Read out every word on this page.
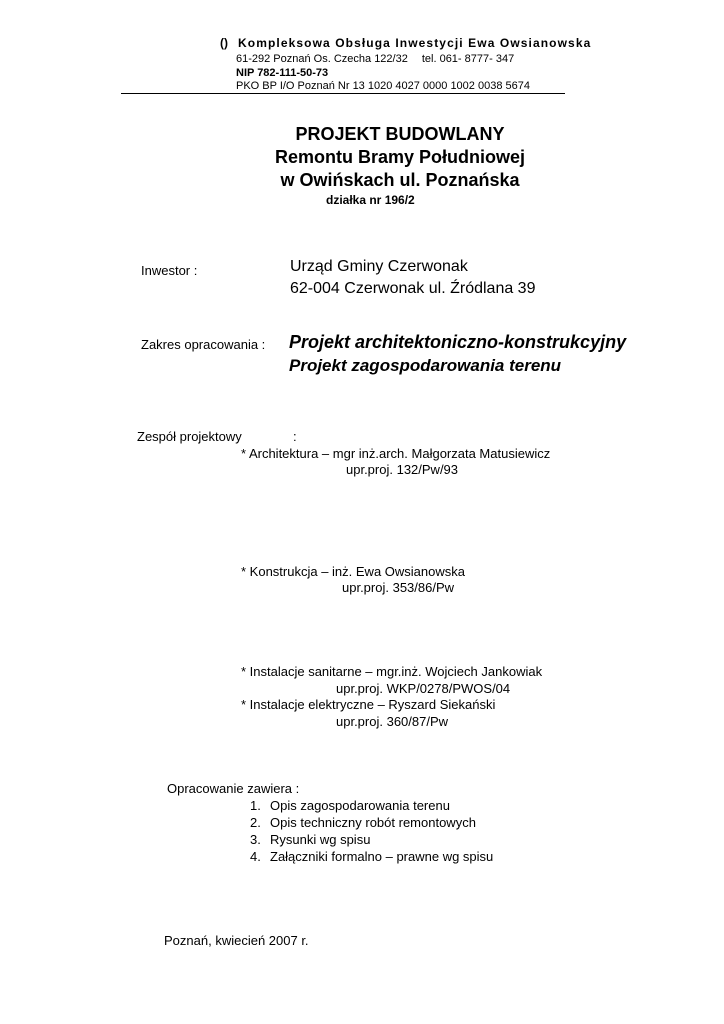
() Kompleksowa Obsługa Inwestycji Ewa Owsianowska
61-292 Poznań Os. Czecha 122/32 tel. 061- 8777- 347
NIP 782-111-50-73
PKO BP I/O Poznań Nr 13 1020 4027 0000 1002 0038 5674
PROJEKT BUDOWLANY
Remontu Bramy Południowej
w Owińskach ul. Poznańska
działka nr 196/2
Inwestor :	Urząd Gminy Czerwonak
62-004 Czerwonak ul. Źródlana 39
Zakres opracowania : Projekt architektoniczno-konstrukcyjny
Projekt zagospodarowania terenu
Zespół projektowy	:
* Architektura – mgr inż.arch. Małgorzata Matusiewicz
upr.proj. 132/Pw/93
* Konstrukcja – inż. Ewa Owsianowska
upr.proj. 353/86/Pw
* Instalacje sanitarne – mgr.inż. Wojciech Jankowiak
upr.proj. WKP/0278/PWOS/04
* Instalacje elektryczne – Ryszard Siekański
upr.proj. 360/87/Pw
Opracowanie zawiera :
1. Opis zagospodarowania terenu
2. Opis techniczny robót remontowych
3. Rysunki wg spisu
4. Załączniki formalno – prawne wg spisu
Poznań, kwiecień 2007 r.
